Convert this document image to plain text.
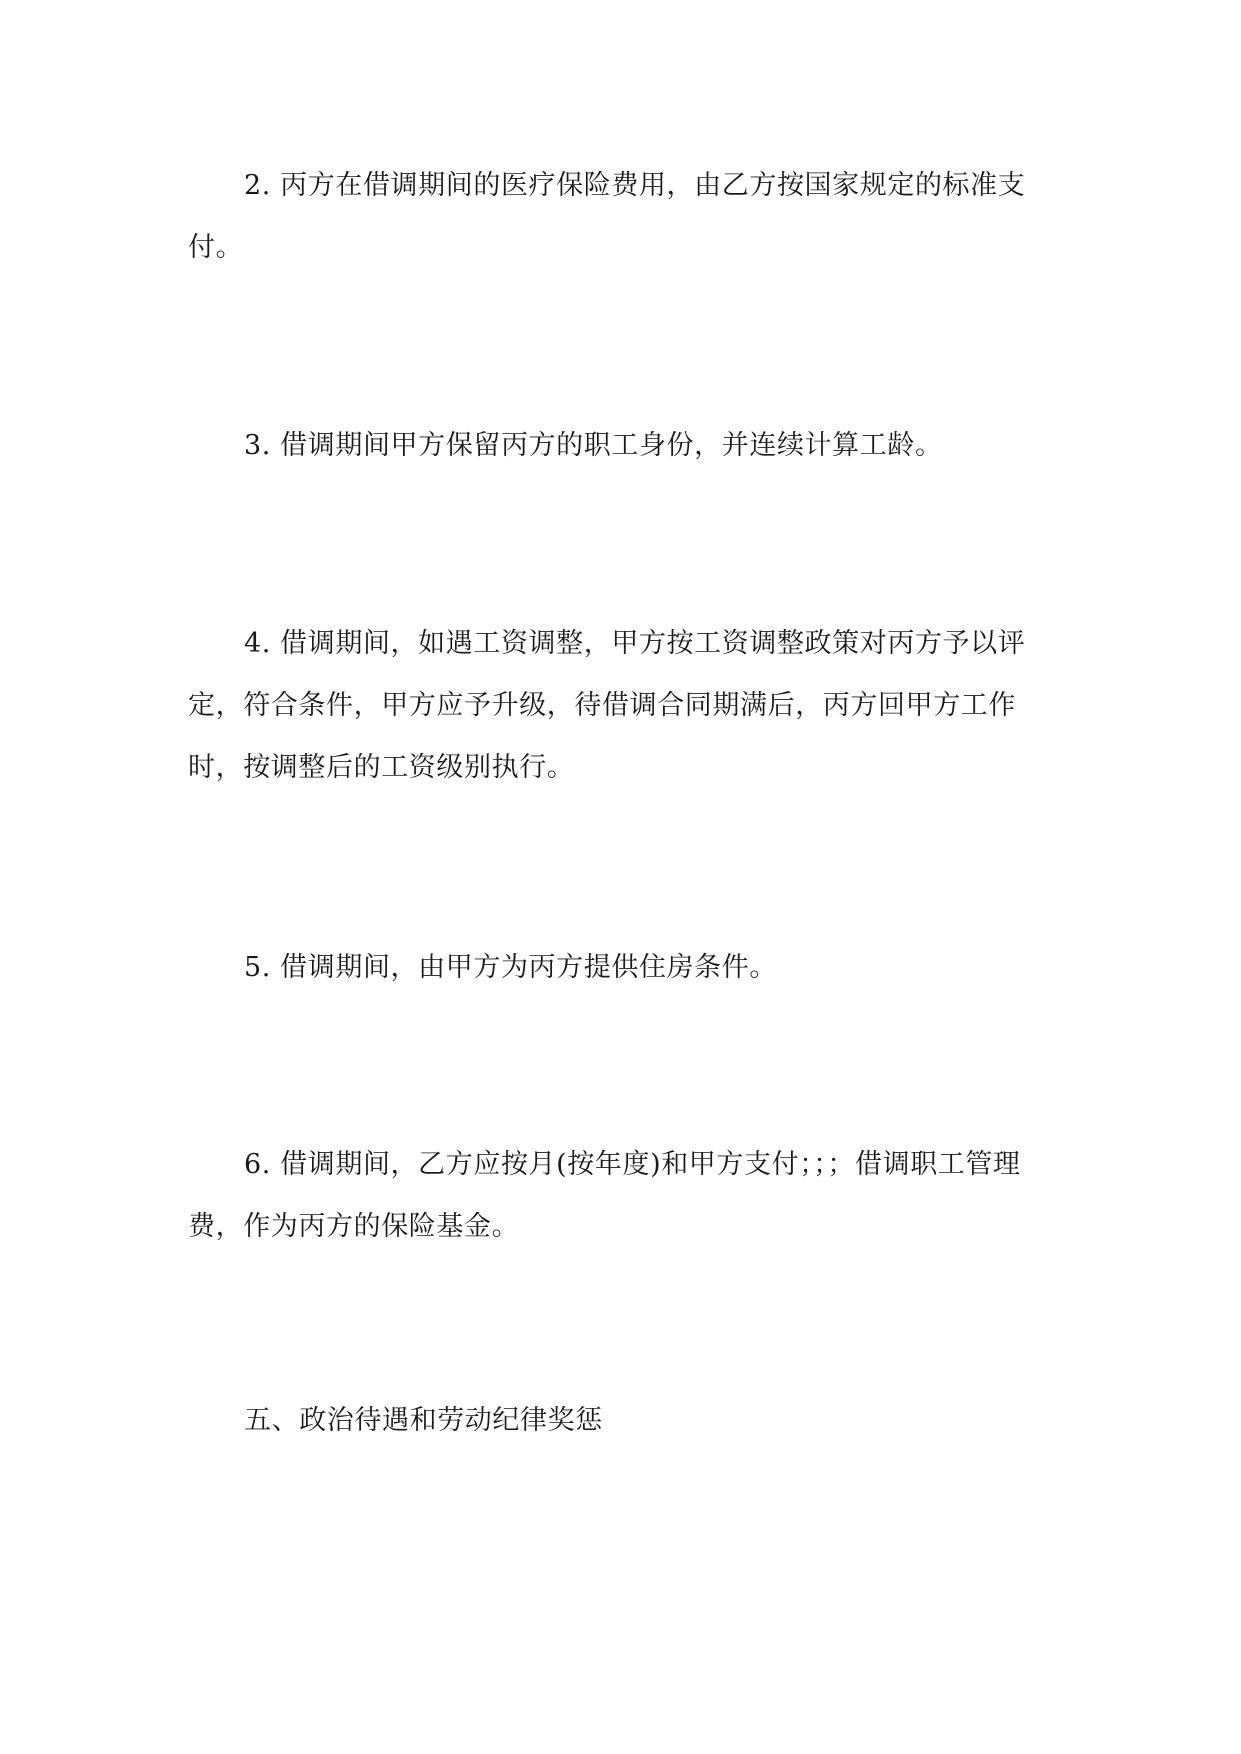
2. 丙方在借调期间的医疗保险费用，由乙方按国家规定的标准支付。

3. 借调期间甲方保留丙方的职工身份，并连续计算工龄。

4. 借调期间，如遇工资调整，甲方按工资调整政策对丙方予以评定，符合条件，甲方应予升级，待借调合同期满后，丙方回甲方工作时，按调整后的工资级别执行。

5. 借调期间，由甲方为丙方提供住房条件。

6. 借调期间，乙方应按月(按年度)和甲方支付；；；借调职工管理费，作为丙方的保险基金。

五、政治待遇和劳动纪律奖惩
